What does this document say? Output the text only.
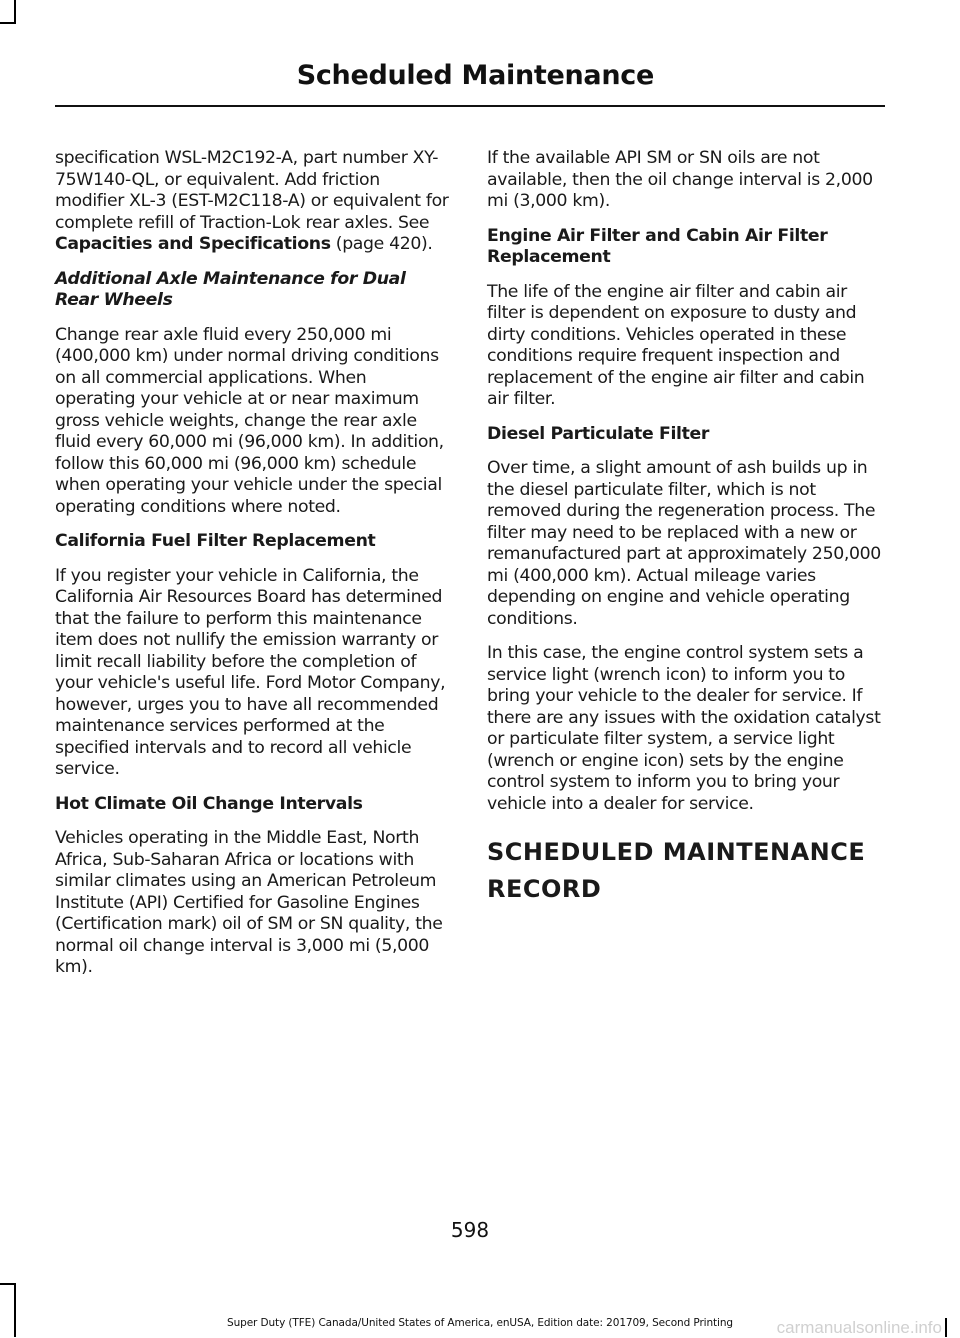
Scheduled Maintenance

specification WSL-M2C192-A, part number XY-75W140-QL, or equivalent. Add friction modifier XL-3 (EST-M2C118-A) or equivalent for complete refill of Traction-Lok rear axles. See Capacities and Specifications (page 420).

Additional Axle Maintenance for Dual Rear Wheels

Change rear axle fluid every 250,000 mi (400,000 km) under normal driving conditions on all commercial applications. When operating your vehicle at or near maximum gross vehicle weights, change the rear axle fluid every 60,000 mi (96,000 km). In addition, follow this 60,000 mi (96,000 km) schedule when operating your vehicle under the special operating conditions where noted.

California Fuel Filter Replacement

If you register your vehicle in California, the California Air Resources Board has determined that the failure to perform this maintenance item does not nullify the emission warranty or limit recall liability before the completion of your vehicle's useful life. Ford Motor Company, however, urges you to have all recommended maintenance services performed at the specified intervals and to record all vehicle service.

Hot Climate Oil Change Intervals

Vehicles operating in the Middle East, North Africa, Sub-Saharan Africa or locations with similar climates using an American Petroleum Institute (API) Certified for Gasoline Engines (Certification mark) oil of SM or SN quality, the normal oil change interval is 3,000 mi (5,000 km).

If the available API SM or SN oils are not available, then the oil change interval is 2,000 mi (3,000 km).

Engine Air Filter and Cabin Air Filter Replacement

The life of the engine air filter and cabin air filter is dependent on exposure to dusty and dirty conditions. Vehicles operated in these conditions require frequent inspection and replacement of the engine air filter and cabin air filter.

Diesel Particulate Filter

Over time, a slight amount of ash builds up in the diesel particulate filter, which is not removed during the regeneration process. The filter may need to be replaced with a new or remanufactured part at approximately 250,000 mi (400,000 km). Actual mileage varies depending on engine and vehicle operating conditions.

In this case, the engine control system sets a service light (wrench icon) to inform you to bring your vehicle to the dealer for service. If there are any issues with the oxidation catalyst or particulate filter system, a service light (wrench or engine icon) sets by the engine control system to inform you to bring your vehicle into a dealer for service.

SCHEDULED MAINTENANCE
RECORD
598
Super Duty (TFE) Canada/United States of America, enUSA, Edition date: 201709, Second Printing	carmanualsonline.info
